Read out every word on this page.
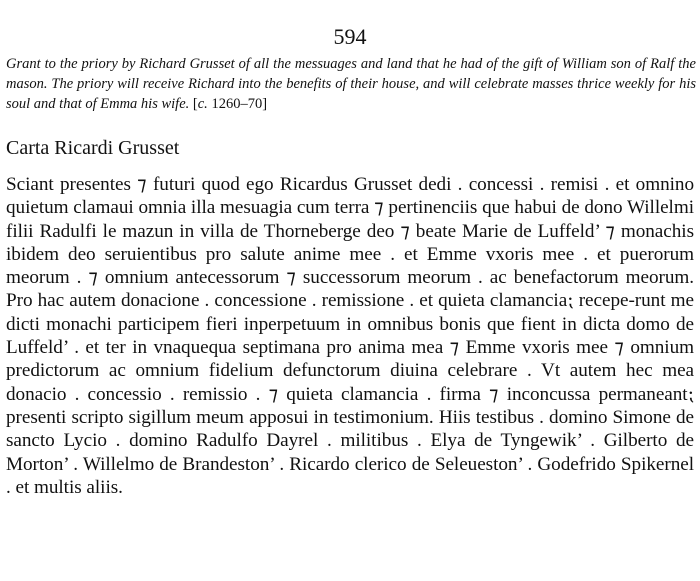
594
Grant to the priory by Richard Grusset of all the messuages and land that he had of the gift of William son of Ralf the mason. The priory will receive Richard into the benefits of their house, and will celebrate masses thrice weekly for his soul and that of Emma his wife. [c. 1260–70]
Carta Ricardi Grusset
Sciant presentes ⁊ futuri quod ego Ricardus Grusset dedi . concessi . remisi . et omnino quietum clamaui omnia illa mesuagia cum terra ⁊ pertinenciis que habui de dono Willelmi filii Radulfi le mazun in villa de Thorneberge deo ⁊ beate Marie de Luffeld’ ⁊ monachis ibidem deo seruientibus pro salute anime mee . et Emme vxoris mee . et puerorum meorum . ⁊ omnium antecessorum ⁊ successorum meorum . ac benefactorum meorum. Pro hac autem donacione . concessione . remissione . et quieta clamancia⁏ recepe-runt me dicti monachi participem fieri inperpetuum in omnibus bonis que fient in dicta domo de Luffeld’ . et ter in vnaquequa septimana pro anima mea ⁊ Emme vxoris mee ⁊ omnium predictorum ac omnium fidelium defunctorum diuina celebrare . Vt autem hec mea donacio . concessio . remissio . ⁊ quieta clamancia . firma ⁊ inconcussa permaneant⁏ presenti scripto sigillum meum apposui in testimonium. Hiis testibus . domino Simone de sancto Lycio . domino Radulfo Dayrel . militibus . Elya de Tyngewik’ . Gilberto de Morton’ . Willelmo de Brandeston’ . Ricardo clerico de Seleueston’ . Godefrido Spikernel . et multis aliis.
